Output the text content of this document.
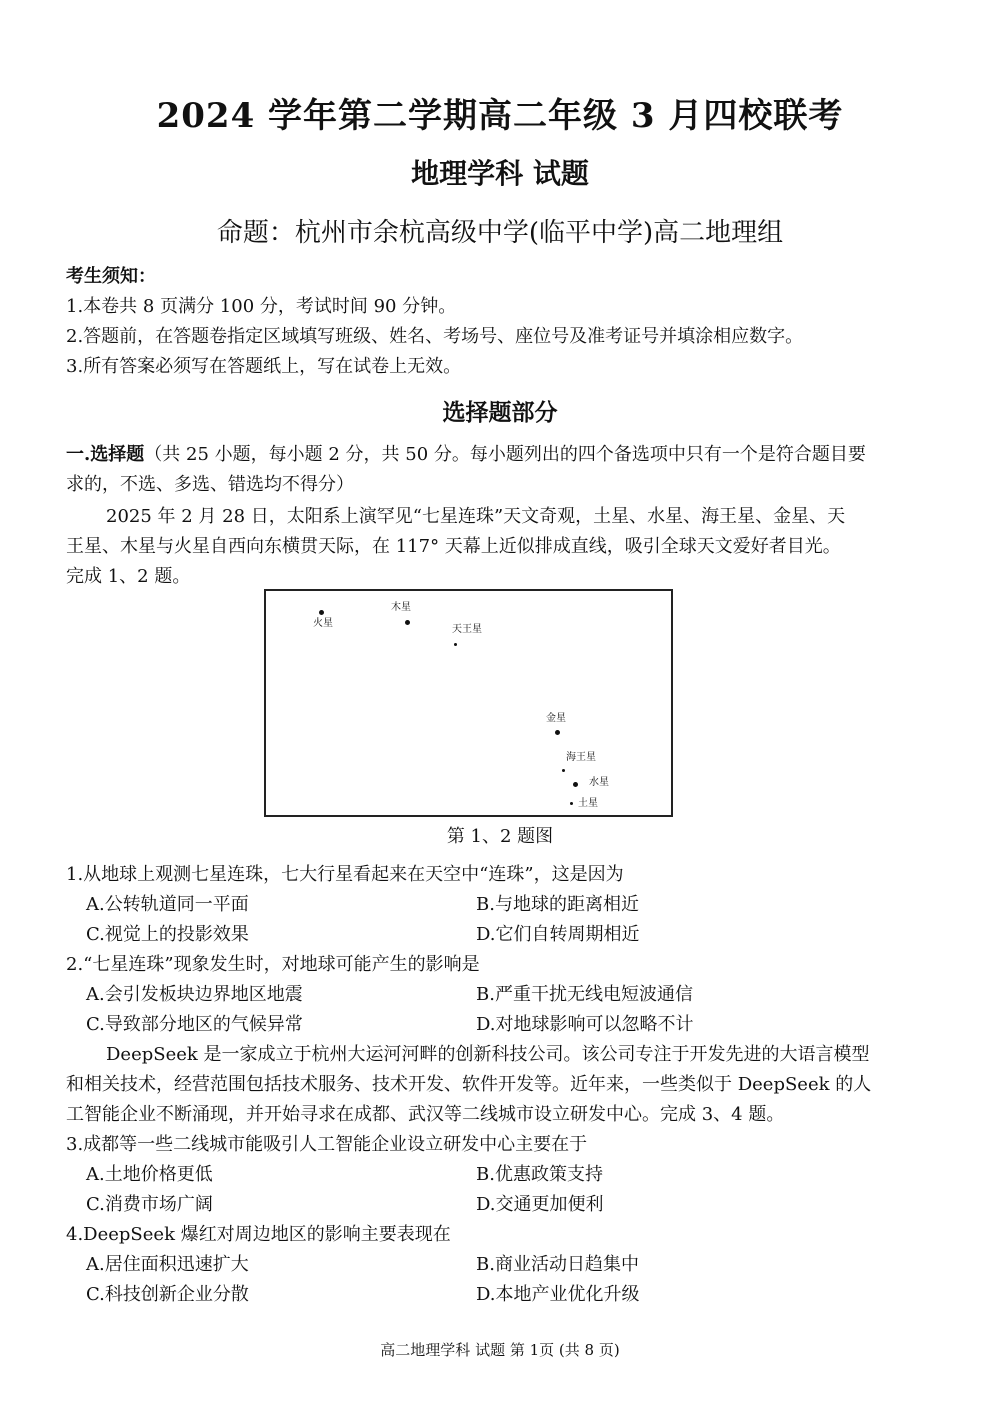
2024 学年第二学期高二年级 3 月四校联考
地理学科 试题
命题：杭州市余杭高级中学(临平中学)高二地理组
考生须知：
1.本卷共 8 页满分 100 分，考试时间 90 分钟。
2.答题前，在答题卷指定区域填写班级、姓名、考场号、座位号及准考证号并填涂相应数字。
3.所有答案必须写在答题纸上，写在试卷上无效。
选择题部分
一.选择题（共 25 小题，每小题 2 分，共 50 分。每小题列出的四个备选项中只有一个是符合题目要
求的，不选、多选、错选均不得分）
2025 年 2 月 28 日，太阳系上演罕见“七星连珠”天文奇观，土星、水星、海王星、金星、天
王星、木星与火星自西向东横贯天际，在 117° 天幕上近似排成直线，吸引全球天文爱好者目光。
完成 1、2 题。
火星
木星
天王星
金星
海王星
水星
土星
第 1、2 题图
1.从地球上观测七星连珠，七大行星看起来在天空中“连珠”，这是因为
A.公转轨道同一平面	B.与地球的距离相近
C.视觉上的投影效果	D.它们自转周期相近
2.“七星连珠”现象发生时，对地球可能产生的影响是
A.会引发板块边界地区地震	B.严重干扰无线电短波通信
C.导致部分地区的气候异常	D.对地球影响可以忽略不计
DeepSeek 是一家成立于杭州大运河河畔的创新科技公司。该公司专注于开发先进的大语言模型
和相关技术，经营范围包括技术服务、技术开发、软件开发等。近年来，一些类似于 DeepSeek 的人
工智能企业不断涌现，并开始寻求在成都、武汉等二线城市设立研发中心。完成 3、4 题。
3.成都等一些二线城市能吸引人工智能企业设立研发中心主要在于
A.土地价格更低	B.优惠政策支持
C.消费市场广阔	D.交通更加便利
4.DeepSeek 爆红对周边地区的影响主要表现在
A.居住面积迅速扩大	B.商业活动日趋集中
C.科技创新企业分散	D.本地产业优化升级
高二地理学科 试题 第 1页 (共 8 页)
